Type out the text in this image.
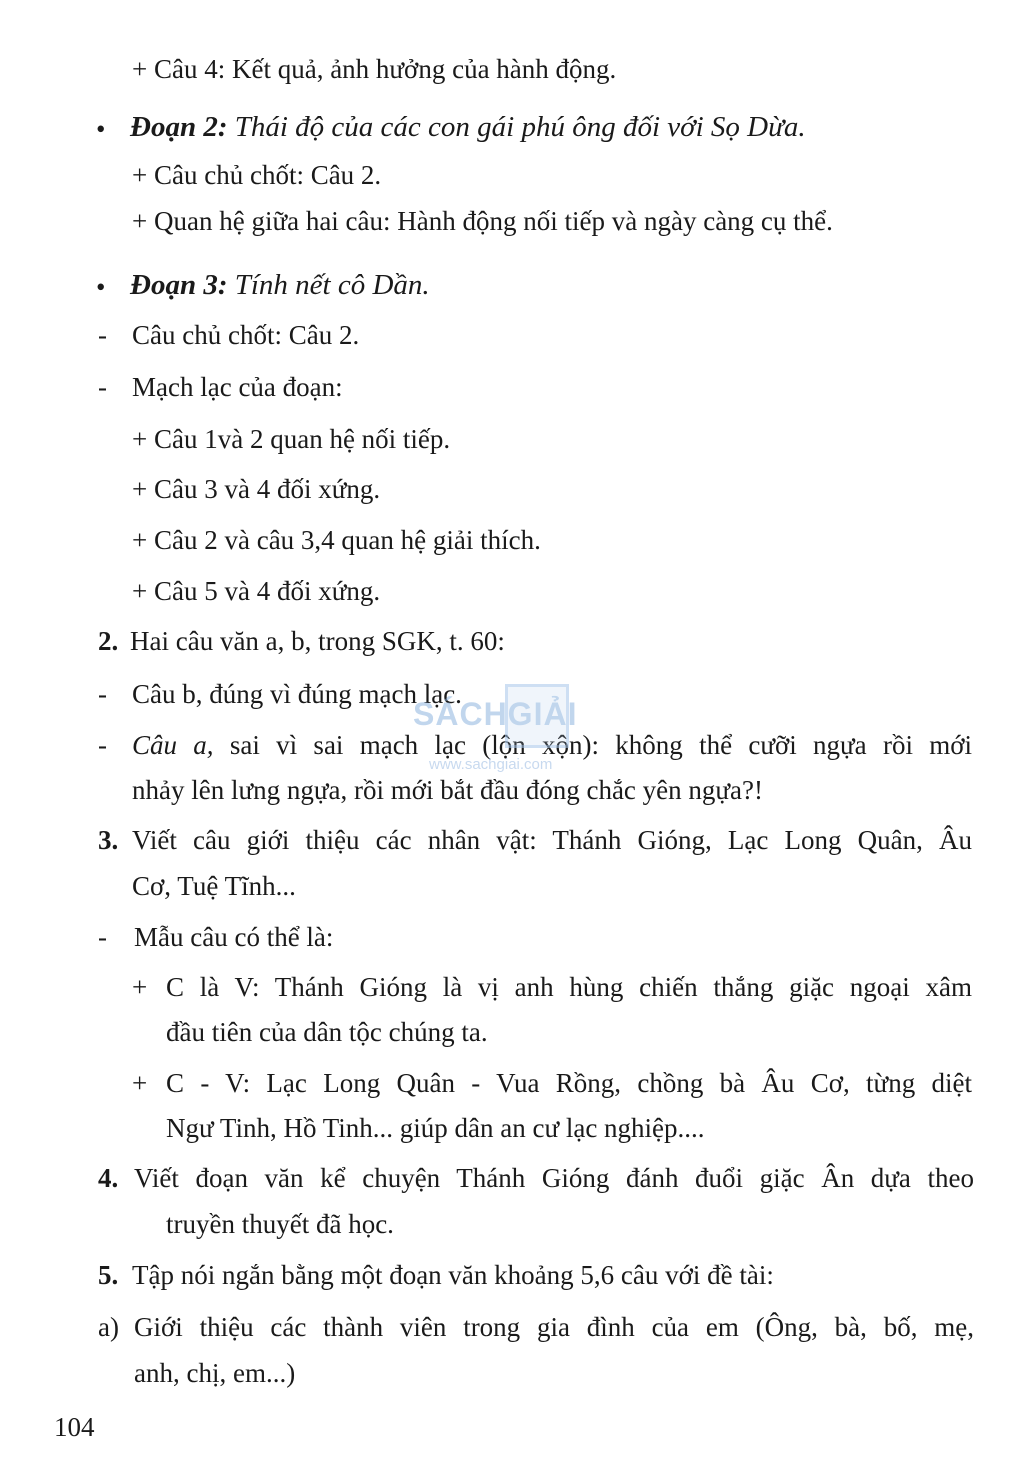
+ Câu 4: Kết quả, ảnh hưởng của hành động.
• Đoạn 2: Thái độ của các con gái phú ông đối với Sọ Dừa.
+ Câu chủ chốt: Câu 2.
+ Quan hệ giữa hai câu: Hành động nối tiếp và ngày càng cụ thể.
• Đoạn 3: Tính nết cô Dần.
- Câu chủ chốt: Câu 2.
- Mạch lạc của đoạn:
+ Câu 1và 2 quan hệ nối tiếp.
+ Câu 3 và 4 đối xứng.
+ Câu 2 và câu 3,4 quan hệ giải thích.
+ Câu 5 và 4 đối xứng.
2. Hai câu văn a, b, trong SGK, t. 60:
- Câu b, đúng vì đúng mạch lạc.
- Câu a, sai vì sai mạch lạc (lộn xộn): không thể cưỡi ngựa rồi mới
nhảy lên lưng ngựa, rồi mới bắt đầu đóng chắc yên ngựa?!
3. Viết câu giới thiệu các nhân vật: Thánh Gióng, Lạc Long Quân, Âu
Cơ, Tuệ Tĩnh...
- Mẫu câu có thể là:
+ C là V: Thánh Gióng là vị anh hùng chiến thắng giặc ngoại xâm
đầu tiên của dân tộc chúng ta.
+ C - V: Lạc Long Quân - Vua Rồng, chồng bà Âu Cơ, từng diệt
Ngư Tinh, Hồ Tinh... giúp dân an cư lạc nghiệp....
4. Viết đoạn văn kể chuyện Thánh Gióng đánh đuổi giặc Ân dựa theo
truyền thuyết đã học.
5. Tập nói ngắn bằng một đoạn văn khoảng 5,6 câu với đề tài:
a) Giới thiệu các thành viên trong gia đình của em (Ông, bà, bố, mẹ,
anh, chị, em...)
104
SÁCHGIẢI
www.sachgiai.com
